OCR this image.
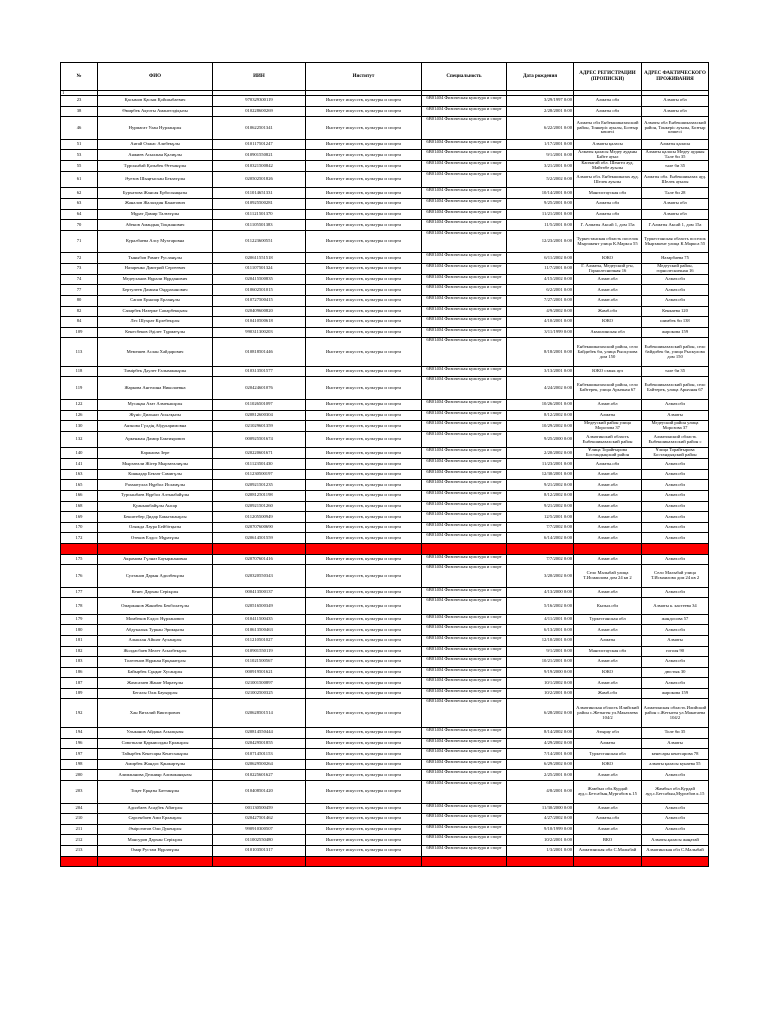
№	ФИО	ИИН	Институт	Специальность	Дата рождения	АДРЕС РЕГИСТРАЦИИ (ПРОПИСКИ)	АДРЕС ФАКТИЧЕСКОГО ПРОЖИВАНИЯ
1							
23	Қасымов Қасым Қойшыбаевич	970329300119	Институт искусств, культуры и спорта	6В01404 Физическая культура и спорт	3/29/1997 0:00	Алматы обл	Алматы обл
38	Өмирбек Ақтоты Амангелдіқызы	010228600269	Институт искусств, культуры и спорта	6В01404 Физическая культура и спорт	2/28/2001 0:00	Алматы обл	Алматы обл
46	Нурмагат Улан Нурланұлы	010622501341	Институт искусств, культуры и спорта	6В01404 Физическая культура и спорт	6/22/2001 0:00	Алматы обл Енбекшиказахский район, Тонкеріс ауылы, Бозғыр көшесі	Алматы обл Енбекшиказахский район, Тонкеріс ауылы, Бозғыр көшесі
51	Аятай Олжас Алибекұлы	010117501247	Институт искусств, культуры и спорта	6В01404 Физическая культура и спорт	1/17/2001 0:00	Алматы қаласы	Алматы қаласы
53	Аяжиев Асылжан Қалиұлы	010901550821	Институт искусств, культуры и спорта	6В01404 Физическая культура и спорт	9/1/2001 0:00	Алматы қаласы Медеу ауданы Бәйте ауыл	Алматы қаласы Медеу ауданы Тәле би 35
55	Тұрсынбай Қазыбек Өтеханұлы	010321500842	Институт искусств, культуры и спорта	6В01404 Физическая культура и спорт	3/21/2001 0:00	Капчагай обл. Шенгел ауд. Майтөбе ауылы	тәле би 35
61	Әуезов Шыңғысхан Бекзатұлы	020502501826	Институт искусств, культуры и спорта	6В01404 Физическая культура и спорт	5/2/2002 0:00	Алматы обл. Енбекшиказах ауд. Шелек ауылы	Алматы обл. Енбекшиказах ауд. Шелек ауылы
62	Бурхатова Жансая Ербосынқызы	011014651331	Институт искусств, культуры и спорта	6В01404 Физическая культура и спорт	10/14/2001 0:00	Мангистауская обл	Тәле би 28
63	Жаналов Жалалдин Канатович	010925500281	Институт искусств, культуры и спорта	6В01404 Физическая культура и спорт	9/25/2001 0:00	Алматы обл	Алматы обл
64	Мұрат Дамир Талғатұлы	011121501370	Институт искусств, культуры и спорта	6В01404 Физическая культура и спорт	11/21/2001 0:00	Алматы обл	Алматы обл
70	Абенов Амандық Тоқжанович	011105501383	Институт искусств, культуры и спорта	6В01404 Физическая культура и спорт	11/5/2001 0:00	Г. Алматы Аксай 1, дом 15а	Г.Алматы Аксай 1, дом 15а
71	Куралбаева Алсу Мухтаровна	011223600551	Институт искусств, культуры и спорта	6В01404 Физическая культура и спорт	12/23/2001 0:00	Туркестанская область поселок Мырзакент улица К.Маркса 55	Туркестанская область поселок Мырзакент улица К.Маркса 55
72	Тыныбов Рамит Русланұлы	020611551518	Институт искусств, культуры и спорта	6В01404 Физическая культура и спорт	6/11/2002 0:00	ЮКО	Назарбаева 75
73	Назаренко Дмитрий Сергеевич	011107501324	Институт искусств, культуры и спорта	6В01404 Физическая культура и спорт	11/7/2001 0:00	Г. Алматы, Медеуский р-н, Горнолесничная 16	Медеуский район, горнолесничная 16
74	Медеуханов Нұрали Нұрданович	020415500835	Институт искусств, культуры и спорта	6В01404 Физическая культура и спорт	4/15/2002 0:00	Алмат.обл	Алмат.обл
77	Бертулеев Дамиан Оңдраханович	010602501015	Институт искусств, культуры и спорта	6В01404 Физическая культура и спорт	6/2/2001 0:00	Алмат.обл	Алмат.обл
80	Сапов Ерназар Ерланұлы	010727500415	Институт искусств, культуры и спорта	6В01404 Физическая культура и спорт	7/27/2001 0:00	Алмат.обл	Алмат.обл
82	Сапарбек Назерке Сапарбекқызы	020409600820	Институт искусств, культуры и спорта	6В01404 Физическая культура и спорт	4/9/2002 0:00	Жамб.обл	Кенкаева 120
84	Лес Шухрат Кұлебекұлы	010410500618	Институт искусств, культуры и спорта	6В01404 Физическая культура и спорт	4/10/2001 0:00	ЮКО	шимбек би 138
109	Кенесбеков Әділет Тұрмағұлы	990311300203	Институт искусств, культуры и спорта	6В01404 Физическая культура и спорт	3/11/1999 0:00	Акмолинская обл	жарокова 159
113	Мемешев Аслан Хайдарович	010818501446	Институт искусств, культуры и спорта	6В01404 Физическая культура и спорт	8/18/2001 0:00	Енбекшиказахский район, село Байдибек би, улица Рыскулова дом 150	Енбекшиказахский район, село байдибек би, улица Рыскулова дом 150
118	Тимірбек Дәулет Ғалымжанұлы	010313501577	Институт искусств, культуры и спорта	6В01404 Физическая культура и спорт	3/13/2001 0:00	ЮКО сзаык аул	тәле би 35
119	Жаркова Ангелина Николаевна	020424601076	Институт искусств, культуры и спорта	6В01404 Физическая культура и спорт	4/24/2002 0:00	Енбекшиказахский район, село Байтерек, улица Арычная 67	Енбекшиказахский район, село Байтерек, улица Арычная 67
122	Мусаңан Азат Алмекәшұлы	011026501097	Институт искусств, культуры и спорта	6В01404 Физическая культура и спорт	10/26/2001 0:00	Алмат.обл	Алмат.обл
126	Жүніс Дильназ Асылқызы	020812600304	Институт искусств, культуры и спорта	6В01404 Физическая культура и спорт	8/12/2002 0:00	Алматы	Алматы
130	Аязнова Гүлдің Абдукаримовна	021029601359	Институт искусств, культуры и спорта	6В01404 Физическая культура и спорт	10/29/2002 0:00	Медеуский район улица Морозова 37	Медеуский район улица Морозова 37
132	Аркенжан Дамир Бактиярович	000925501674	Институт искусств, культуры и спорта	6В01404 Физическая культура и спорт	9/25/2000 0:00	Алматинский область Енбекшиказахский район	Алматинский область Енбекшиказахский район с
140	Каржаова Зере	020220601671	Институт искусств, культуры и спорта	6В01404 Физическая культура и спорт	2/20/2002 0:00	Ұлица Торайғырова Бостандықский район	Ұлица Торайғырова Бостандықский район
141	Мырзағали Жігер Мырзағалиұлы	011123501430	Институт искусств, культуры и спорта	6В01404 Физическая культура и спорт	11/23/2001 0:00	Алматы.обл	Алмат.обл
163	Киякадар Бекзат Самигұлы	011230500197	Институт искусств, культуры и спорта	6В01404 Физическая культура и спорт	12/30/2001 0:00	Алмат.обл	Алмат.обл
165	Рахматулла Нұрбол Исламұлы	020921501235	Институт искусств, культуры и спорта	6В01404 Физическая культура и спорт	9/21/2002 0:00	Алмат.обл	Алмат.обл
166	Турсынбаев Нұрбол Алтынбайұлы	020812501198	Институт искусств, культуры и спорта	6В01404 Физическая культура и спорт	8/12/2002 0:00	Алмат.обл	Алмат.обл
168	Қуанышбайұлы Ансар	020921501260	Институт искусств, культуры и спорта	6В01404 Физическая культура и спорт	9/21/2002 0:00	Алмат.обл	Алмат.обл
169	Бекштебер Дидар Бакытжанұлы	011205500949	Институт искусств, культуры и спорта	6В01404 Физическая культура и спорт	12/5/2001 0:00	Алмат.обл	Алмат.обл
170	Оляжда Лаура Бейбітқызы	020707600690	Институт искусств, культуры и спорта	6В01404 Физическая культура и спорт	7/7/2002 0:00	Алмат.обл	Алмат.обл
172	Отеков Елдос Мұратұлы	020614501559	Институт искусств, культуры и спорта	6В01404 Физическая культура и спорт	6/14/2002 0:00	Алмат.обл	Алмат.обл
174	Отегенов Айдархан Ашарұлы	020722501026	Институт искусств, культуры и спорта	6В01404 Физическая культура и спорт	7/22/2002 0:00	Отеке кеттік	Алмат.обл
175	Акрамова Гүлназ Бауыржановна	020707601416	Институт искусств, культуры и спорта	6В01404 Физическая культура и спорт	7/7/2002 0:00	Алмат.обл	Алмат.обл
176	Султанов Дарын Адилбекұлы	020320550343	Институт искусств, культуры и спорта	6В01404 Физическая культура и спорт	3/20/2002 0:00	Село Малыбай улица Т.Исмаилова дом 24 кв 2	Село Малыбай улица Т.Исмаилова дом 24 кв 2
177	Кенес Дархан Серікұлы	000413500137	Институт искусств, культуры и спорта	6В01404 Физическая культура и спорт	4/13/2000 0:00	Алмат.обл	Алмат.обл
178	Омаржанов Жанибек Бекболатұлы	020516500349	Институт искусств, культуры и спорта	6В01404 Физическая культура и спорт	5/16/2002 0:00	Кызыл.обл	Алматы к. кастеева 34
179	Момбеков Елдос Нұрланович	010411500435	Институт искусств, культуры и спорта	6В01404 Физическая культура и спорт	4/11/2001 0:00	Туркестанская обл	жандосова 57
180	Абдукалык Туркан Эрикқызы	010613500463	Институт искусств, культуры и спорта	6В01404 Физическая культура и спорт	6/13/2001 0:00	Алмат.обл	Алмат.обл
181	Алыкхан Айшат Ауханұлы	011210501027	Институт искусств, культуры и спорта	6В01404 Физическая культура и спорт	12/10/2001 0:00	Алматы	Алматы
182	Жолдасбаев Мелет Асылбекұлы	010901550119	Институт искусств, культуры и спорта	6В01404 Физическая культура и спорт	9/1/2001 0:00	Мангистауская обл	гоголя 90
183	Толегенов Нұржан Ерқанатұлы	011021500567	Институт искусств, культуры и спорта	6В01404 Физическая культура и спорт	10/21/2001 0:00	Алмат.обл	Алмат.обл
186	Байырбек Сұңқат Хусанұлы	000919501621	Институт искусств, культуры и спорта	6В01404 Физическая культура и спорт	9/19/2000 0:00	ЮКО	дюстык 30
187	Жамсазаев Жанат Маратұлы	021001500897	Институт искусств, культуры и спорта	6В01404 Физическая культура и спорт	10/1/2002 0:00	Алмат.обл	Алмат.обл
189	Бегалы Олж Бауырұлы	021002500325	Институт искусств, культуры и спорта	6В01404 Физическая культура и спорт	10/2/2001 0:00	Жамб.обл	жарокова 159
192	Хан Виталий Викторович	020628501514	Институт искусств, культуры и спорта	6В01404 Физическая культура и спорт	6/28/2002 0:00	Алматинская область Илийский район с.Жетыген ул.Макатаева 104/2	Алматинская область Илийский район с.Жетыген ул.Макатаева 104/2
194	Ульжанов Айдана Асылқызы	020814550444	Институт искусств, культуры и спорта	6В01404 Физическая культура и спорт	8/14/2002 0:00	Атырау обл	Толе би 35
196	Совоткали Қарыиолдан Ерланұлы	020429501855	Институт искусств, культуры и спорта	6В01404 Физическая культура и спорт	4/29/2002 0:00	Алматы	Алматы
197	Тайырбек Кенесары Кенесханұлы	010714501153	Институт искусств, культуры и спорта	6В01404 Физическая культура и спорт	7/14/2001 0:00	Туркестанская обл	кенесары кенесарова 78
198	Амирбек Жандос Қанжартұлы	020629500264	Институт искусств, культуры и спорта	6В01404 Физическая культура и спорт	6/29/2002 0:00	ЮКО	алматы қаласы кунаева 55
200	Алимжанова Делнияр Алимжанқызы	010225601627	Институт искусств, культуры и спорта	6В01404 Физическая культура и спорт	2/25/2001 0:00	Алмат.обл	Алмат.обл
203	Тоқет Ерқазы Баттанұлы	010408501420	Институт искусств, культуры и спорта	6В01404 Физическая культура и спорт	4/8/2001 0:00	Жамбыл обл.Курдай ауд.с.Бетсабын,Мургабов к.15	Жамбыл обл.Курдай ауд.с.Бетсабын,Мургабов к.15
204	Адилбаев Асадбек Айатұлы	001130500459	Институт искусств, культуры и спорта	6В01404 Физическая культура и спорт	11/30/2000 0:00	Алмат.обл	Алмат.обл
210	Сарсенбаев Ами Ерланұлы	020427501462	Институт искусств, культуры и спорта	6В01404 Физическая культура и спорт	4/27/2002 0:00	Алматы.обл	Алмат.обл
211	Әмірсеитов Оли Дукенұлы	990910300507	Институт искусств, культуры и спорта	6В01404 Физическая культура и спорт	9/10/1999 0:00	Алмат.обл	Алмат.обл
212	Мансуров Дархан Серікұлы	011002550480	Институт искусств, культуры и спорта	6В01404 Физическая культура и спорт	10/2/2001 0:00	ВКО	Алматы.қаласы жаңатай
213	Омар Рустам Нұрлатұлы	010103501317	Институт искусств, культуры и спорта	6В01404 Физическая культура и спорт	1/3/2001 0:00	Алматинская обл С.Малыбай	Алматинская обл С.Малыбай
214	Шахраев Рахмат Ризаханович	011014501311	Институт искусств, культуры и спорта	6В01404 Физическая культура и спорт	10/14/2001 0:00	Шахраев рахмат	Алмат.обл
